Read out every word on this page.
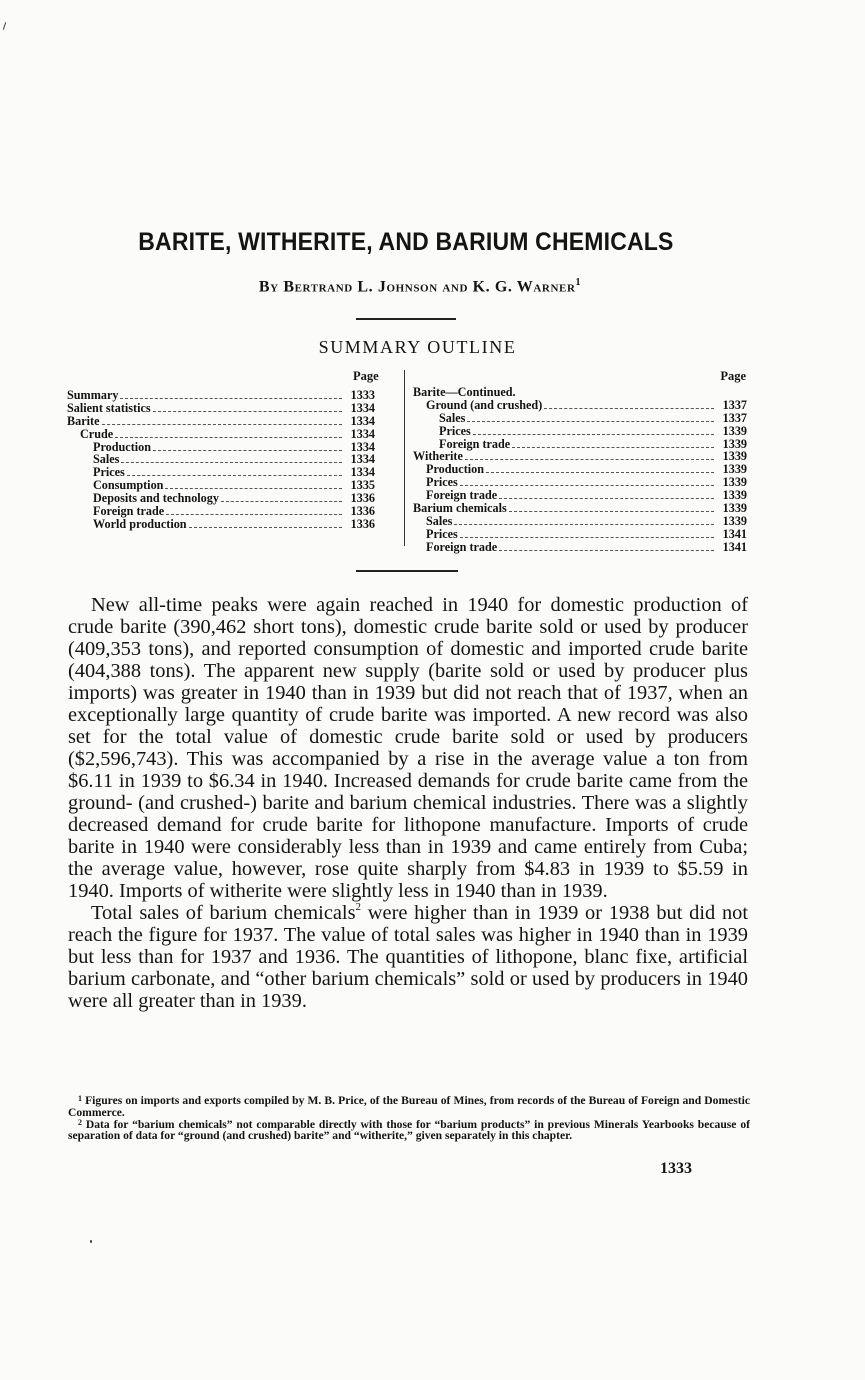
BARITE, WITHERITE, AND BARIUM CHEMICALS
By Bertrand L. Johnson and K. G. Warner$^1$
SUMMARY OUTLINE
Page	Page
Summary	1333
Salient statistics	1334
Barite	1334
Crude	1334
Production	1334
Sales	1334
Prices	1334
Consumption	1335
Deposits and technology	1336
Foreign trade	1336
World production	1336
Barite—Continued.
Ground (and crushed)	1337
Sales	1337
Prices	1339
Foreign trade	1339
Witherite	1339
Production	1339
Prices	1339
Foreign trade	1339
Barium chemicals	1339
Sales	1339
Prices	1341
Foreign trade	1341

New all-time peaks were again reached in 1940 for domestic production of crude barite (390,462 short tons), domestic crude barite sold or used by producer (409,353 tons), and reported consumption of domestic and imported crude barite (404,388 tons). The apparent new supply (barite sold or used by producer plus imports) was greater in 1940 than in 1939 but did not reach that of 1937, when an exceptionally large quantity of crude barite was imported. A new record was also set for the total value of domestic crude barite sold or used by producers ($2,596,743). This was accompanied by a rise in the average value a ton from $6.11 in 1939 to $6.34 in 1940. Increased demands for crude barite came from the ground- (and crushed-) barite and barium chemical industries. There was a slightly decreased demand for crude barite for lithopone manufacture. Imports of crude barite in 1940 were considerably less than in 1939 and came entirely from Cuba; the average value, however, rose quite sharply from $4.83 in 1939 to $5.59 in 1940. Imports of witherite were slightly less in 1940 than in 1939.

Total sales of barium chemicals$^2$ were higher than in 1939 or 1938 but did not reach the figure for 1937. The value of total sales was higher in 1940 than in 1939 but less than for 1937 and 1936. The quantities of lithopone, blanc fixe, artificial barium carbonate, and “other barium chemicals” sold or used by producers in 1940 were all greater than in 1939.

$^1$ Figures on imports and exports compiled by M. B. Price, of the Bureau of Mines, from records of the Bureau of Foreign and Domestic Commerce.

$^2$ Data for “barium chemicals” not comparable directly with those for “barium products” in previous Minerals Yearbooks because of separation of data for “ground (and crushed) barite” and “witherite,” given separately in this chapter.

1333
